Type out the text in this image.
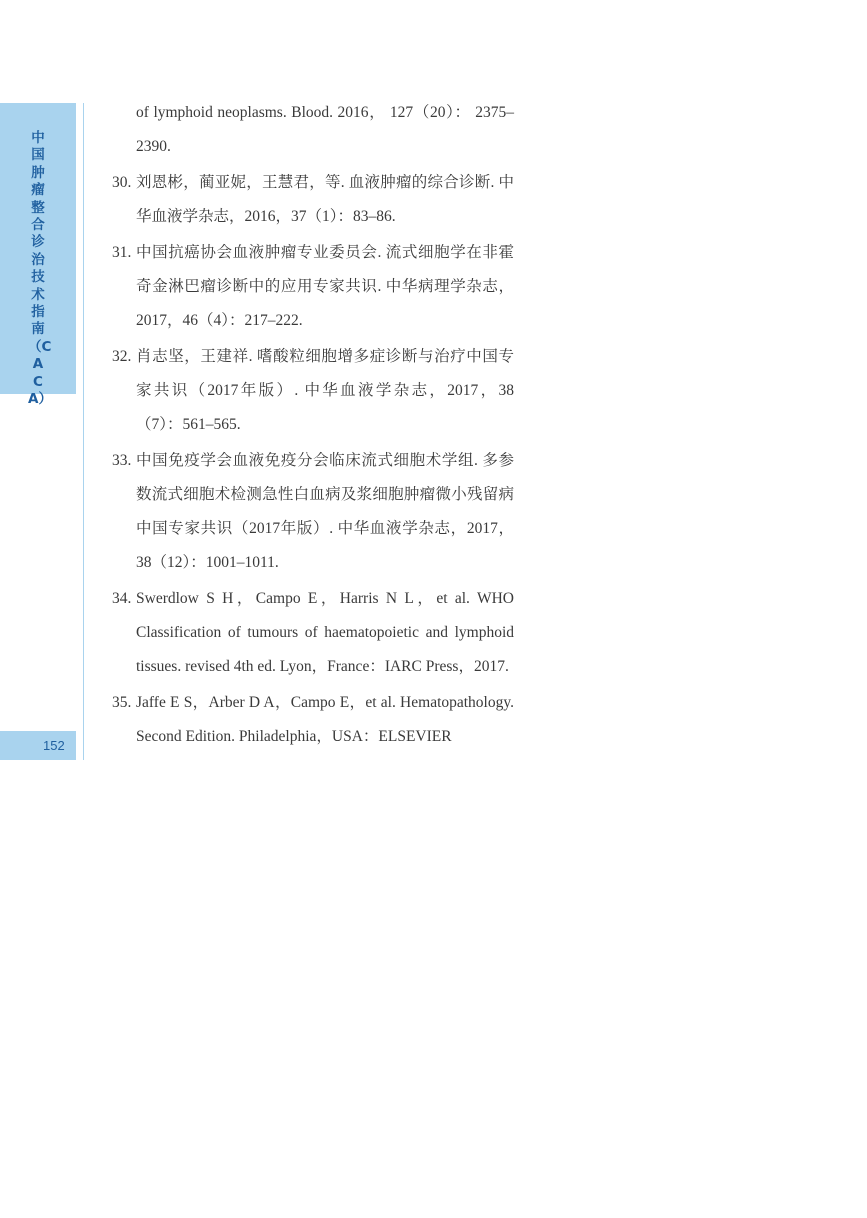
中国肿瘤整合诊治技术指南（CACA）
152
of lymphoid neoplasms. Blood. 2016， 127（20）： 2375–2390.
30. 刘恩彬，蔺亚妮，王慧君，等. 血液肿瘤的综合诊断. 中华血液学杂志，2016，37（1）：83–86.
31. 中国抗癌协会血液肿瘤专业委员会. 流式细胞学在非霍奇金淋巴瘤诊断中的应用专家共识. 中华病理学杂志，2017，46（4）：217–222.
32. 肖志坚，王建祥. 嗜酸粒细胞增多症诊断与治疗中国专家共识（2017年版）. 中华血液学杂志，2017，38（7）：561–565.
33. 中国免疫学会血液免疫分会临床流式细胞术学组. 多参数流式细胞术检测急性白血病及浆细胞肿瘤微小残留病中国专家共识（2017年版）. 中华血液学杂志，2017，38（12）：1001–1011.
34. Swerdlow S H，Campo E，Harris N L，et al. WHO Classification of tumours of haematopoietic and lymphoid tissues. revised 4th ed. Lyon，France：IARC Press，2017.
35. Jaffe E S，Arber D A，Campo E，et al. Hematopathology. Second Edition. Philadelphia，USA：ELSEVIER
